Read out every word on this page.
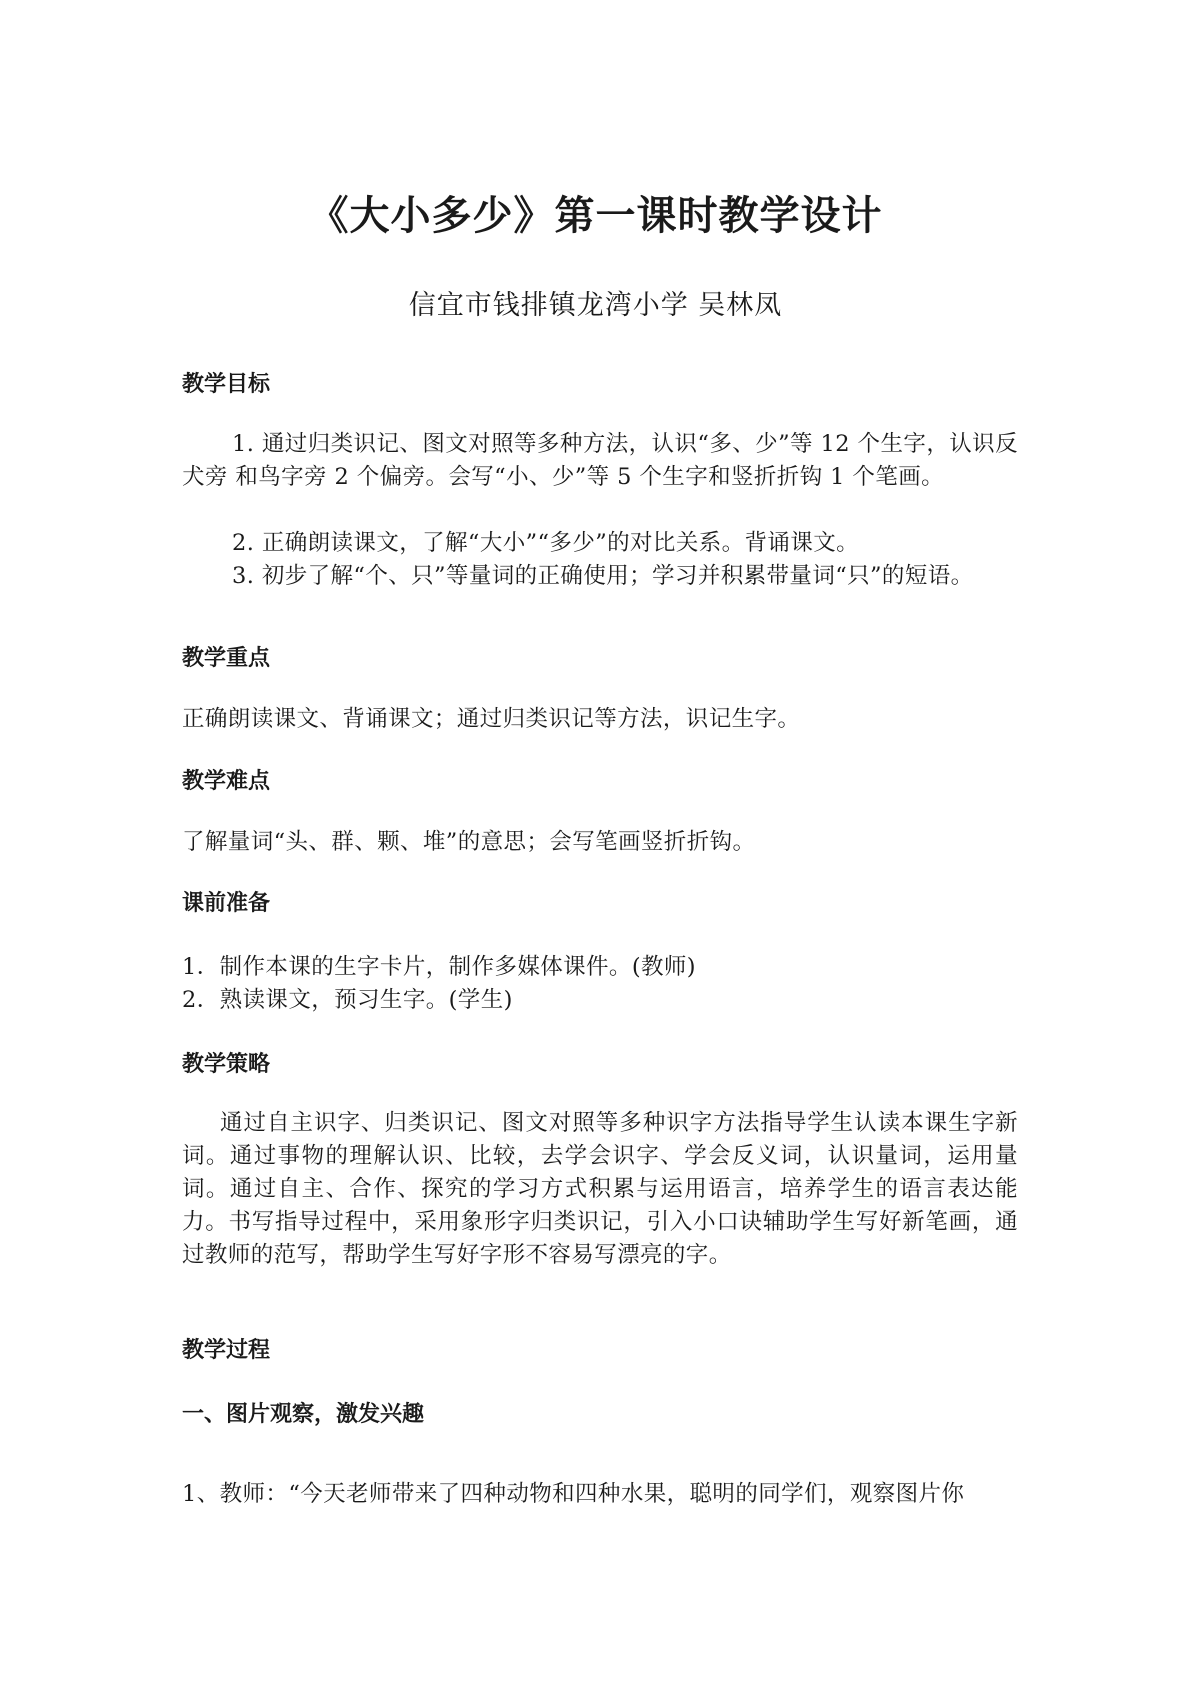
《大小多少》第一课时教学设计
信宜市钱排镇龙湾小学 吴林凤
教学目标
1. 通过归类识记、图文对照等多种方法，认识“多、少”等 12 个生字，认识反犬旁 和鸟字旁 2 个偏旁。会写“小、少”等 5 个生字和竖折折钩 1 个笔画。
2. 正确朗读课文，了解“大小”“多少”的对比关系。背诵课文。
3. 初步了解“个、只”等量词的正确使用；学习并积累带量词“只”的短语。
教学重点
正确朗读课文、背诵课文；通过归类识记等方法，识记生字。
教学难点
了解量词“头、群、颗、堆”的意思；会写笔画竖折折钩。
课前准备
1．制作本课的生字卡片，制作多媒体课件。(教师)
2．熟读课文，预习生字。(学生)
教学策略
通过自主识字、归类识记、图文对照等多种识字方法指导学生认读本课生字新词。通过事物的理解认识、比较，去学会识字、学会反义词，认识量词，运用量词。通过自主、合作、探究的学习方式积累与运用语言，培养学生的语言表达能力。书写指导过程中，采用象形字归类识记，引入小口诀辅助学生写好新笔画，通过教师的范写，帮助学生写好字形不容易写漂亮的字。
教学过程
一、图片观察，激发兴趣
1、教师：“今天老师带来了四种动物和四种水果，聪明的同学们，观察图片你
